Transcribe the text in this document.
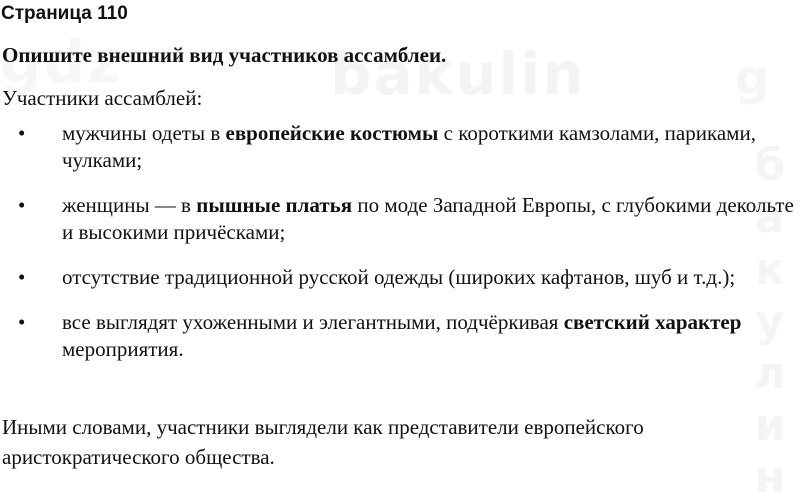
Страница 110
Опишите внешний вид участников ассамблеи.
Участники ассамблей:
• мужчины одеты в европейские костюмы с короткими камзолами, париками, чулками;
• женщины — в пышные платья по моде Западной Европы, с глубокими декольте и высокими причёсками;
• отсутствие традиционной русской одежды (широких кафтанов, шуб и т.д.);
• все выглядят ухоженными и элегантными, подчёркивая светский характер мероприятия.
Иными словами, участники выглядели как представители европейского аристократического общества.
